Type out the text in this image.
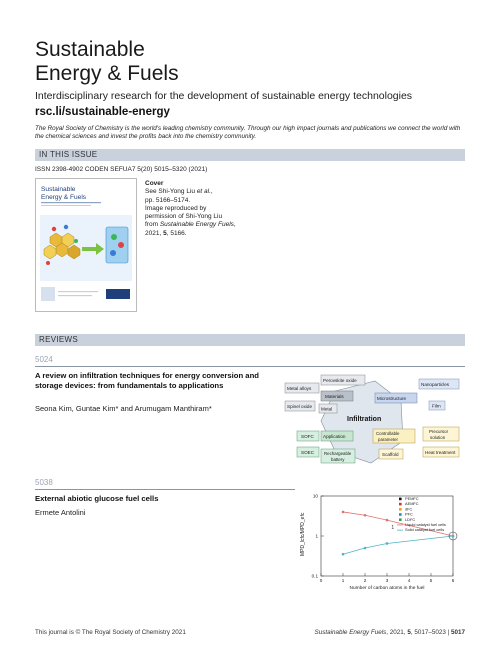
Sustainable
Energy & Fuels
Interdisciplinary research for the development of sustainable energy technologies
rsc.li/sustainable-energy
The Royal Society of Chemistry is the world's leading chemistry community. Through our high impact journals and publications we connect the world with the chemical sciences and invest the profits back into the chemistry community.
IN THIS ISSUE
ISSN 2398-4902 CODEN SEFUA7 5(20) 5015–5320 (2021)
Sustainable
Energy & Fuels
Cover
See Shi-Yong Liu et al.,
pp. 5166–5174.
Image reproduced by
permission of Shi-Yong Liu
from Sustainable Energy Fuels,
2021, 5, 5166.
REVIEWS
5024
A review on infiltration techniques for energy conversion and storage devices: from fundamentals to applications
Seona Kim, Guntae Kim* and Arumugam Manthiram*
Metal alloys
Perovskite oxide
Materials
Spinel oxide Metal
Nanoparticles
Microstructure
Film
Infiltration
SOFC Application
SOEC Rechargeable
battery
Controllable
parameter
Precursor
solution
Scaffold	Heat treatment
5038
External abiotic glucose fuel cells
Ermete Antolini
0.1
1
10
0	1	2	3	4	5	6
MPD_lcfc/MPD_efc
Number of carbon atoms in the fuel
PEMFC
AEMFC
dFC
PFC
LDFC
Liquid catalyst fuel cells
Solid catalyst fuel cells
1
This journal is © The Royal Society of Chemistry 2021	Sustainable Energy Fuels, 2021, 5, 5017–5023 | 5017
